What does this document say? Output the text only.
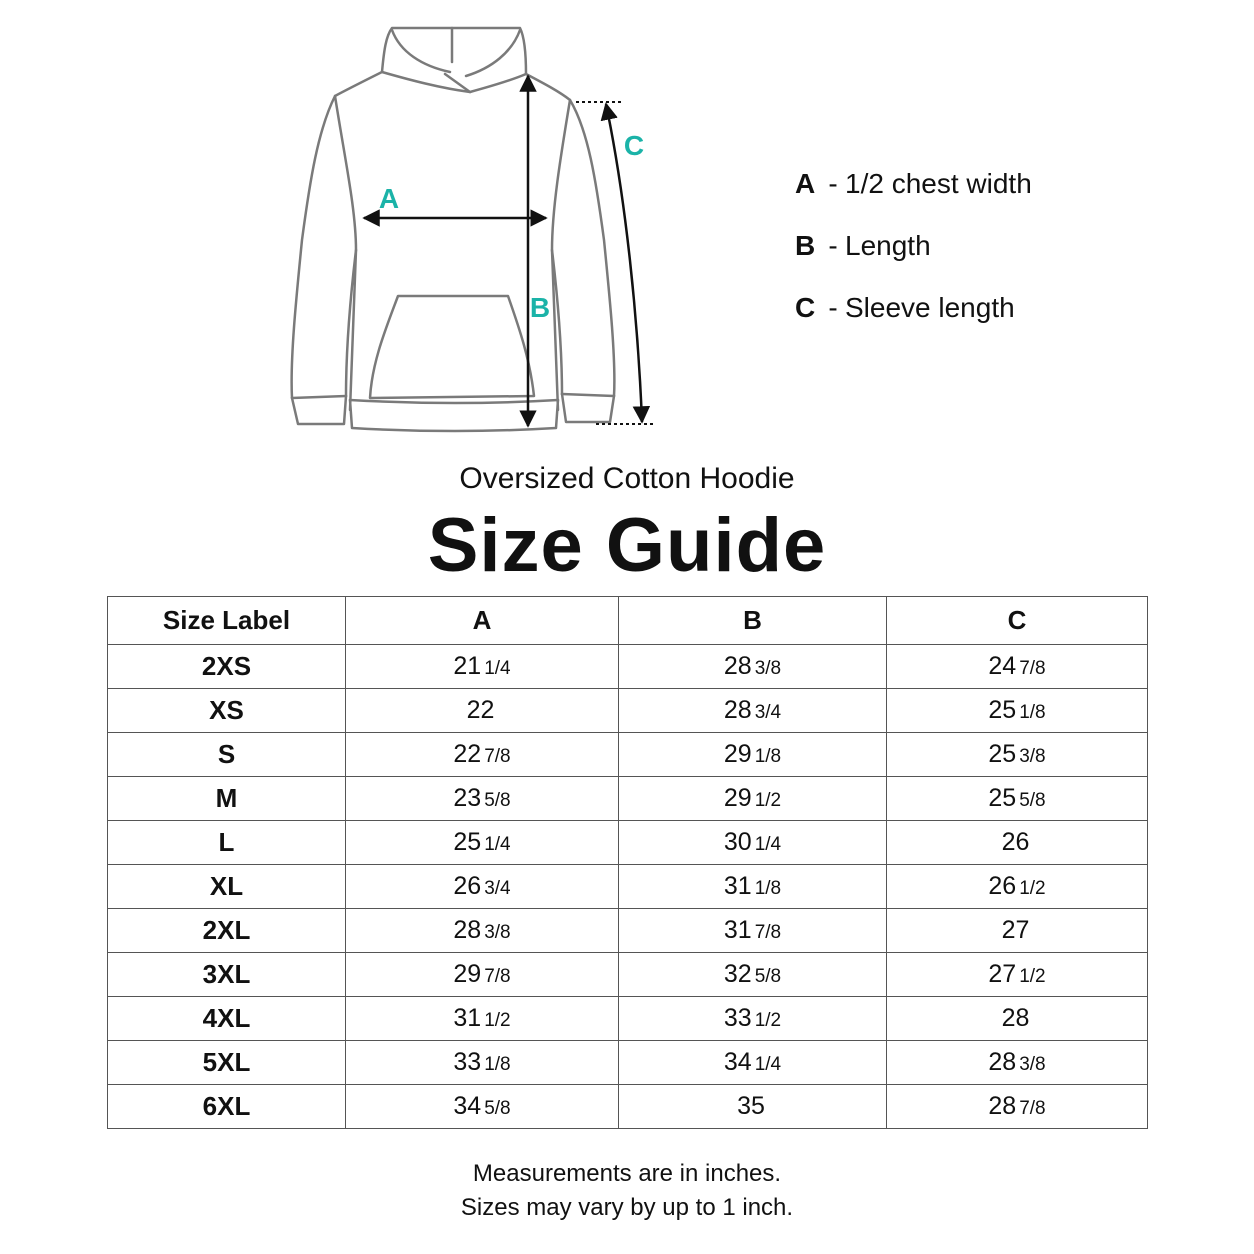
A
B
C
A - 1/2 chest width
B - Length
C - Sleeve length
Oversized Cotton Hoodie
Size Guide
Size Label	A	B	C
2XS	21 1/4	28 3/8	24 7/8
XS	22	28 3/4	25 1/8
S	22 7/8	29 1/8	25 3/8
M	23 5/8	29 1/2	25 5/8
L	25 1/4	30 1/4	26
XL	26 3/4	31 1/8	26 1/2
2XL	28 3/8	31 7/8	27
3XL	29 7/8	32 5/8	27 1/2
4XL	31 1/2	33 1/2	28
5XL	33 1/8	34 1/4	28 3/8
6XL	34 5/8	35	28 7/8
Measurements are in inches.
Sizes may vary by up to 1 inch.
